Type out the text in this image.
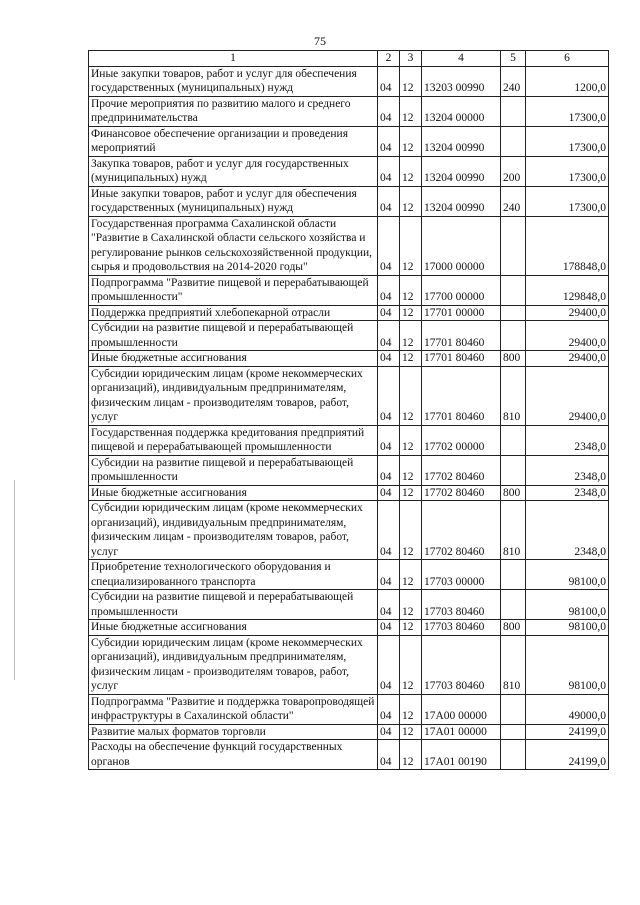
75
1	2	3	4	5	6
Иные закупки товаров, работ и услуг для обеспечения государственных (муниципальных) нужд	04	12	13203 00990	240	1200,0
Прочие мероприятия по развитию малого и среднего предпринимательства	04	12	13204 00000		17300,0
Финансовое обеспечение организации и проведения мероприятий	04	12	13204 00990		17300,0
Закупка товаров, работ и услуг для государственных (муниципальных) нужд	04	12	13204 00990	200	17300,0
Иные закупки товаров, работ и услуг для обеспечения государственных (муниципальных) нужд	04	12	13204 00990	240	17300,0
Государственная программа Сахалинской области "Развитие в Сахалинской области сельского хозяйства и регулирование рынков сельскохозяйственной продукции, сырья и продовольствия на 2014-2020 годы"	04	12	17000 00000		178848,0
Подпрограмма "Развитие пищевой и перерабатывающей промышленности"	04	12	17700 00000		129848,0
Поддержка предприятий хлебопекарной отрасли	04	12	17701 00000		29400,0
Субсидии на развитие пищевой и перерабатывающей промышленности	04	12	17701 80460		29400,0
Иные бюджетные ассигнования	04	12	17701 80460	800	29400,0
Субсидии юридическим лицам (кроме некоммерческих организаций), индивидуальным предпринимателям, физическим лицам - производителям товаров, работ, услуг	04	12	17701 80460	810	29400,0
Государственная поддержка кредитования предприятий пищевой и перерабатывающей промышленности	04	12	17702 00000		2348,0
Субсидии на развитие пищевой и перерабатывающей промышленности	04	12	17702 80460		2348,0
Иные бюджетные ассигнования	04	12	17702 80460	800	2348,0
Субсидии юридическим лицам (кроме некоммерческих организаций), индивидуальным предпринимателям, физическим лицам - производителям товаров, работ, услуг	04	12	17702 80460	810	2348,0
Приобретение технологического оборудования и специализированного транспорта	04	12	17703 00000		98100,0
Субсидии на развитие пищевой и перерабатывающей промышленности	04	12	17703 80460		98100,0
Иные бюджетные ассигнования	04	12	17703 80460	800	98100,0
Субсидии юридическим лицам (кроме некоммерческих организаций), индивидуальным предпринимателям, физическим лицам - производителям товаров, работ, услуг	04	12	17703 80460	810	98100,0
Подпрограмма "Развитие и поддержка товаропроводящей инфраструктуры в Сахалинской области"	04	12	17А00 00000		49000,0
Развитие малых форматов торговли	04	12	17А01 00000		24199,0
Расходы на обеспечение функций государственных органов	04	12	17А01 00190		24199,0
